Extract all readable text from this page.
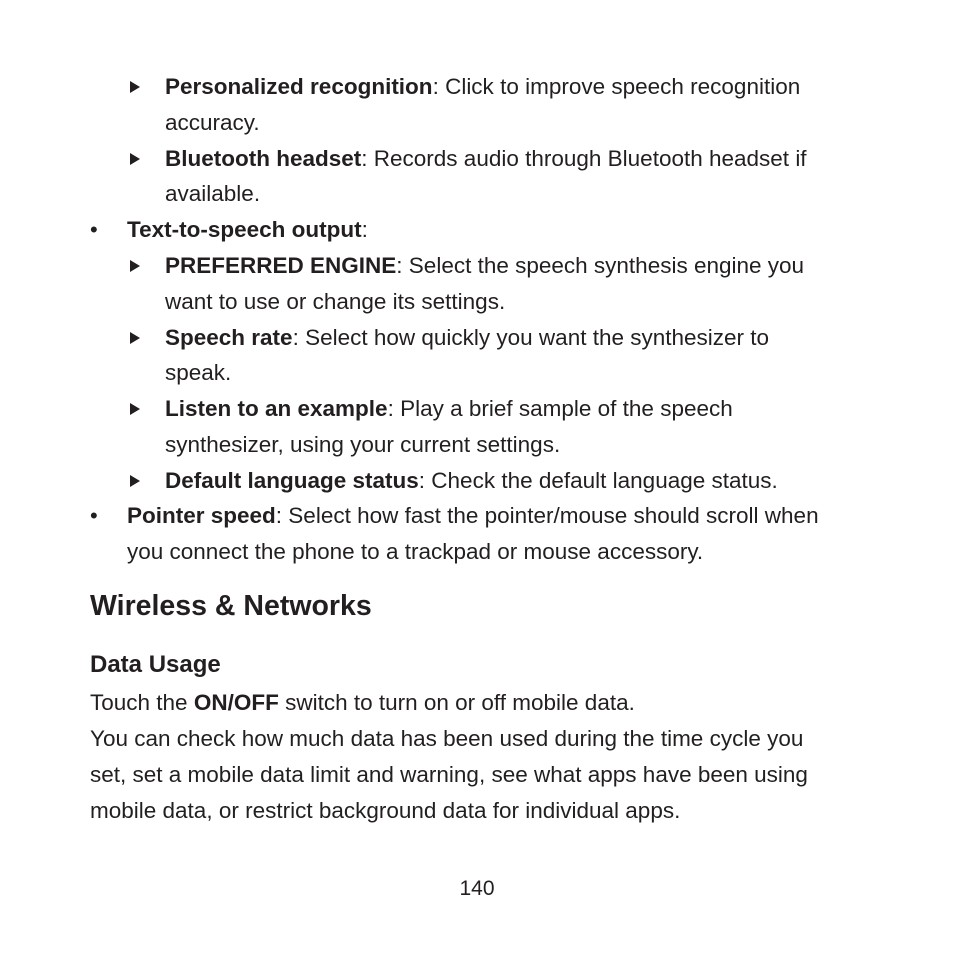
Personalized recognition: Click to improve speech recognition
accuracy.
Bluetooth headset: Records audio through Bluetooth headset if
available.
• Text-to-speech output:
PREFERRED ENGINE: Select the speech synthesis engine you
want to use or change its settings.
Speech rate: Select how quickly you want the synthesizer to
speak.
Listen to an example: Play a brief sample of the speech
synthesizer, using your current settings.
Default language status: Check the default language status.
• Pointer speed: Select how fast the pointer/mouse should scroll when
you connect the phone to a trackpad or mouse accessory.
Wireless & Networks
Data Usage
Touch the ON/OFF switch to turn on or off mobile data.
You can check how much data has been used during the time cycle you
set, set a mobile data limit and warning, see what apps have been using
mobile data, or restrict background data for individual apps.
140
